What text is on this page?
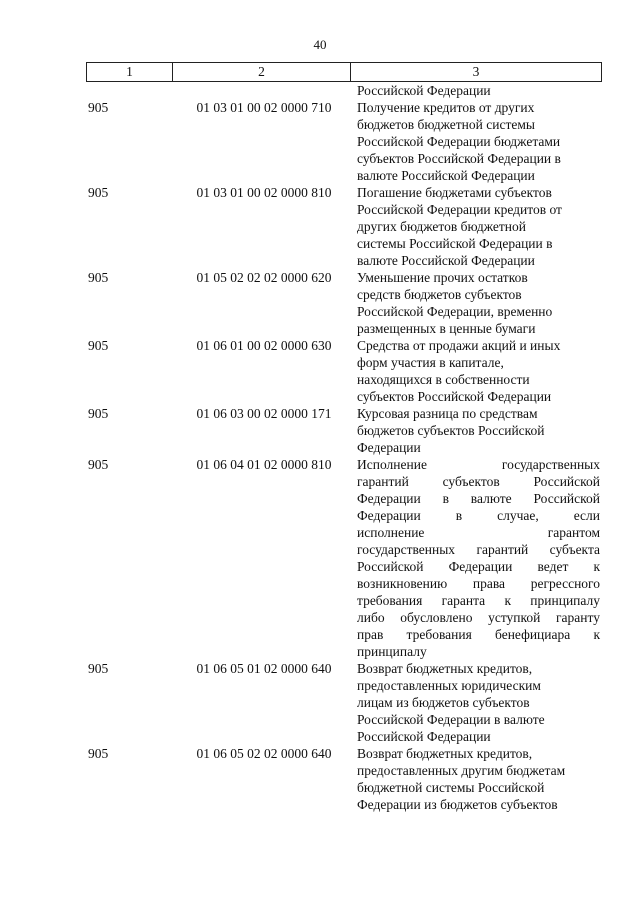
40
1	2	3
Российской Федерации
905	01 03 01 00 02 0000 710	Получение кредитов от других
бюджетов бюджетной системы
Российской Федерации бюджетами
субъектов Российской Федерации в
валюте Российской Федерации
905	01 03 01 00 02 0000 810	Погашение бюджетами субъектов
Российской Федерации кредитов от
других бюджетов бюджетной
системы Российской Федерации в
валюте Российской Федерации
905	01 05 02 02 02 0000 620	Уменьшение прочих остатков
средств бюджетов субъектов
Российской Федерации, временно
размещенных в ценные бумаги
905	01 06 01 00 02 0000 630	Средства от продажи акций и иных
форм участия в капитале,
находящихся в собственности
субъектов Российской Федерации
905	01 06 03 00 02 0000 171	Курсовая разница по средствам
бюджетов субъектов Российской
Федерации
905	01 06 04 01 02 0000 810	Исполнение государственных
гарантий субъектов Российской
Федерации в валюте Российской
Федерации в случае, если
исполнение гарантом
государственных гарантий субъекта
Российской Федерации ведет к
возникновению права регрессного
требования гаранта к принципалу
либо обусловлено уступкой гаранту
прав требования бенефициара к
принципалу
905	01 06 05 01 02 0000 640	Возврат бюджетных кредитов,
предоставленных юридическим
лицам из бюджетов субъектов
Российской Федерации в валюте
Российской Федерации
905	01 06 05 02 02 0000 640	Возврат бюджетных кредитов,
предоставленных другим бюджетам
бюджетной системы Российской
Федерации из бюджетов субъектов
